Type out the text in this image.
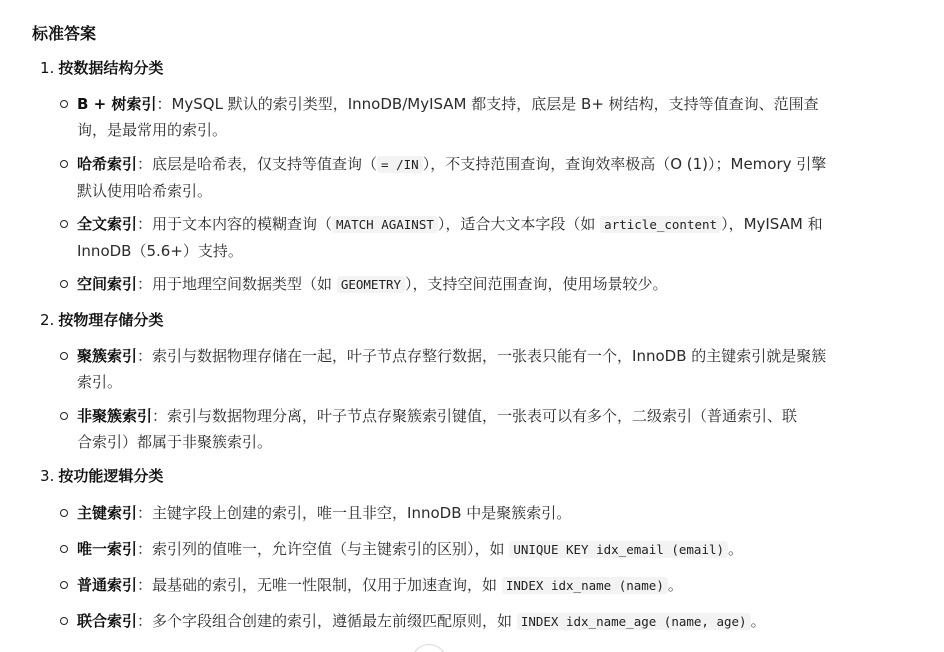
标准答案
1. 按数据结构分类
B + 树索引：MySQL 默认的索引类型，InnoDB/MyISAM 都支持，底层是 B+ 树结构，支持等值查询、范围查询，是最常用的索引。
哈希索引：底层是哈希表，仅支持等值查询（ = /IN ），不支持范围查询，查询效率极高（O (1)）；Memory 引擎默认使用哈希索引。
全文索引：用于文本内容的模糊查询（ MATCH AGAINST ），适合大文本字段（如 article_content ），MyISAM 和 InnoDB（5.6+）支持。
空间索引：用于地理空间数据类型（如 GEOMETRY ），支持空间范围查询，使用场景较少。
2. 按物理存储分类
聚簇索引：索引与数据物理存储在一起，叶子节点存整行数据，一张表只能有一个，InnoDB 的主键索引就是聚簇索引。
非聚簇索引：索引与数据物理分离，叶子节点存聚簇索引键值，一张表可以有多个，二级索引（普通索引、联合索引）都属于非聚簇索引。
3. 按功能逻辑分类
主键索引：主键字段上创建的索引，唯一且非空，InnoDB 中是聚簇索引。
唯一索引：索引列的值唯一，允许空值（与主键索引的区别），如 UNIQUE KEY idx_email (email) 。
普通索引：最基础的索引，无唯一性限制，仅用于加速查询，如 INDEX idx_name (name) 。
联合索引：多个字段组合创建的索引，遵循最左前缀匹配原则，如 INDEX idx_name_age (name, age) 。
